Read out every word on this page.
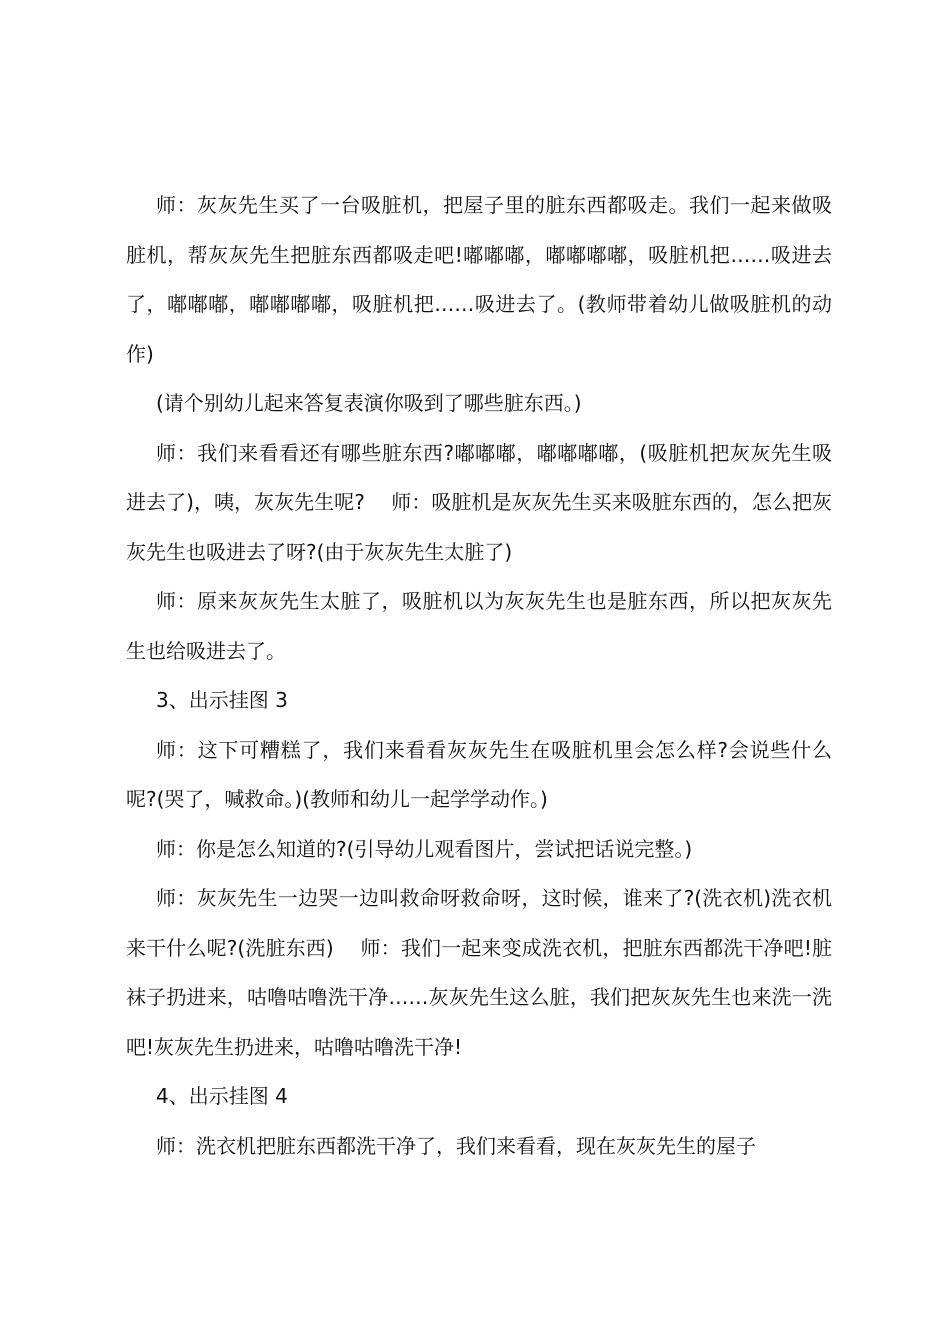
师：灰灰先生买了一台吸脏机，把屋子里的脏东西都吸走。我们一起来做吸脏机，帮灰灰先生把脏东西都吸走吧!嘟嘟嘟，嘟嘟嘟嘟，吸脏机把……吸进去了，嘟嘟嘟，嘟嘟嘟嘟，吸脏机把……吸进去了。(教师带着幼儿做吸脏机的动作)

(请个别幼儿起来答复表演你吸到了哪些脏东西。)

师：我们来看看还有哪些脏东西?嘟嘟嘟，嘟嘟嘟嘟，(吸脏机把灰灰先生吸进去了)，咦，灰灰先生呢?　 师：吸脏机是灰灰先生买来吸脏东西的，怎么把灰灰先生也吸进去了呀?(由于灰灰先生太脏了)

师：原来灰灰先生太脏了，吸脏机以为灰灰先生也是脏东西，所以把灰灰先生也给吸进去了。

3、出示挂图 3

师：这下可糟糕了，我们来看看灰灰先生在吸脏机里会怎么样?会说些什么呢?(哭了，喊救命。)(教师和幼儿一起学学动作。)

师：你是怎么知道的?(引导幼儿观看图片，尝试把话说完整。)

师：灰灰先生一边哭一边叫救命呀救命呀，这时候，谁来了?(洗衣机)洗衣机来干什么呢?(洗脏东西)　 师：我们一起来变成洗衣机，把脏东西都洗干净吧!脏袜子扔进来，咕噜咕噜洗干净……灰灰先生这么脏，我们把灰灰先生也来洗一洗吧!灰灰先生扔进来，咕噜咕噜洗干净!

4、出示挂图 4

师：洗衣机把脏东西都洗干净了，我们来看看，现在灰灰先生的屋子
